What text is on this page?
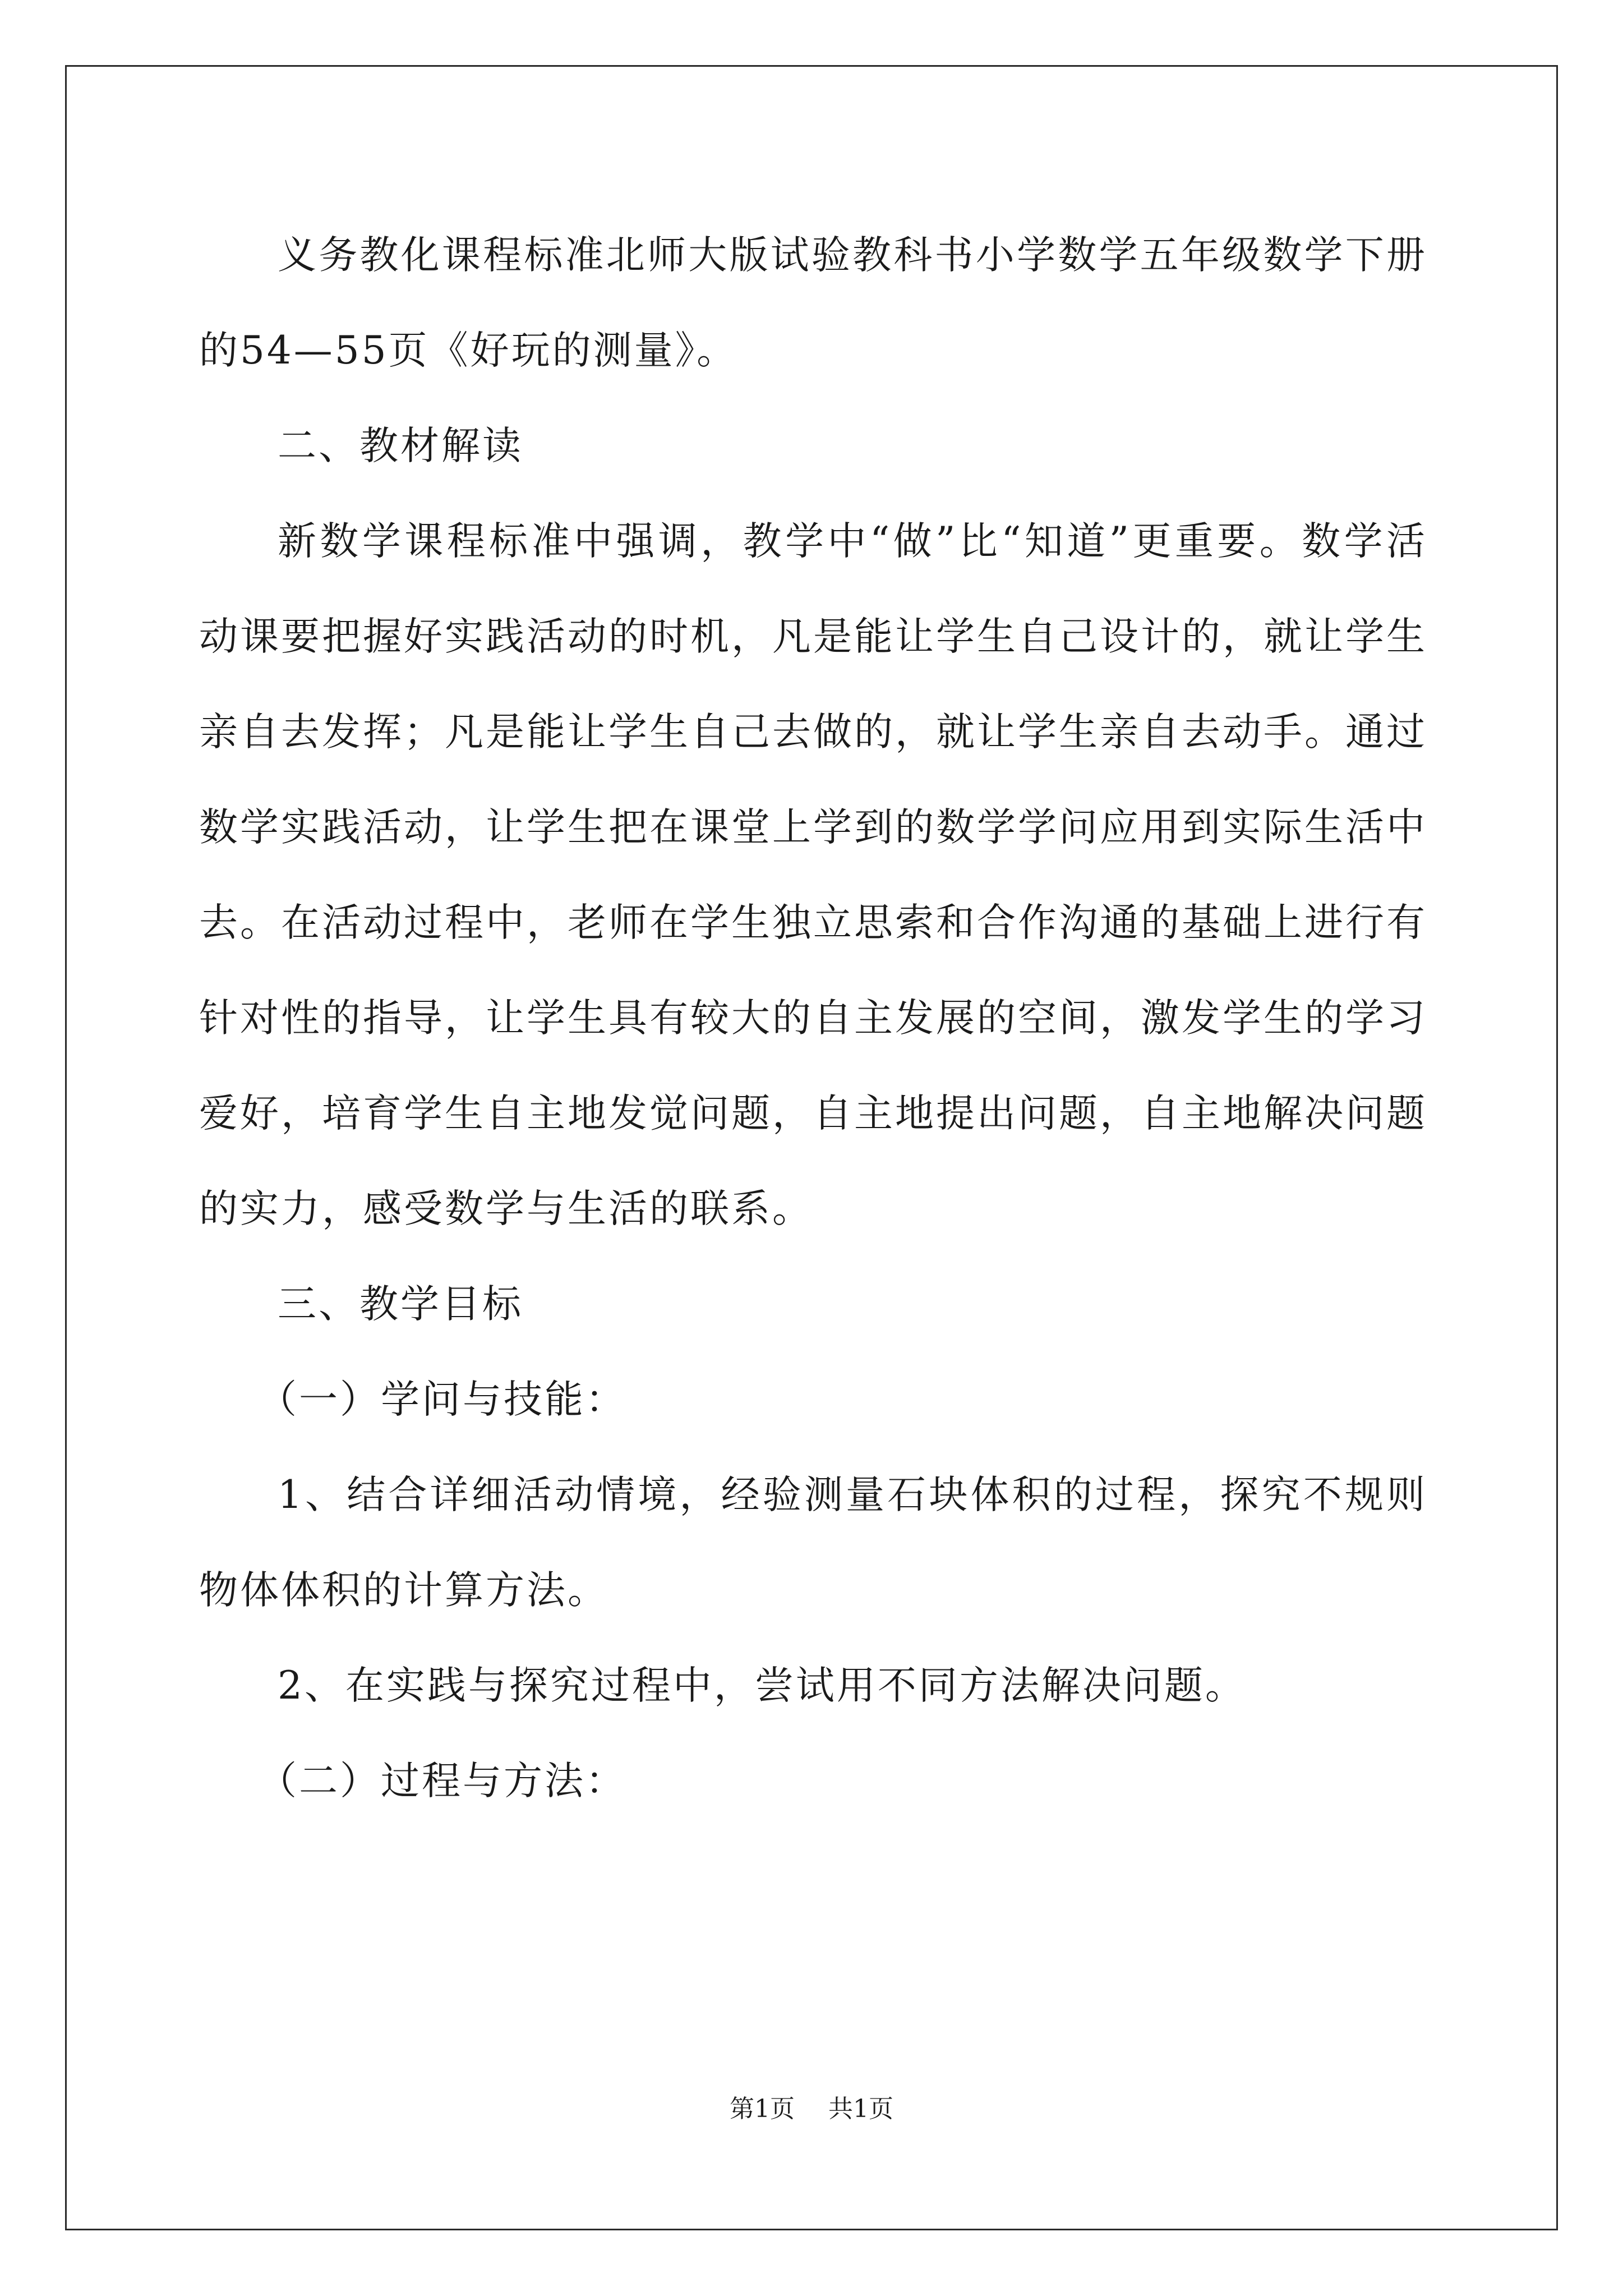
义务教化课程标准北师大版试验教科书小学数学五年级数学下册的54—55页《好玩的测量》。

二、教材解读

新数学课程标准中强调，教学中“做”比“知道”更重要。数学活动课要把握好实践活动的时机，凡是能让学生自己设计的，就让学生亲自去发挥；凡是能让学生自己去做的，就让学生亲自去动手。通过数学实践活动，让学生把在课堂上学到的数学学问应用到实际生活中去。在活动过程中，老师在学生独立思索和合作沟通的基础上进行有针对性的指导，让学生具有较大的自主发展的空间，激发学生的学习爱好，培育学生自主地发觉问题，自主地提出问题，自主地解决问题的实力，感受数学与生活的联系。

三、教学目标

（一）学问与技能：

1、结合详细活动情境，经验测量石块体积的过程，探究不规则物体体积的计算方法。

2、在实践与探究过程中，尝试用不同方法解决问题。

（二）过程与方法：

第1页 共1页
